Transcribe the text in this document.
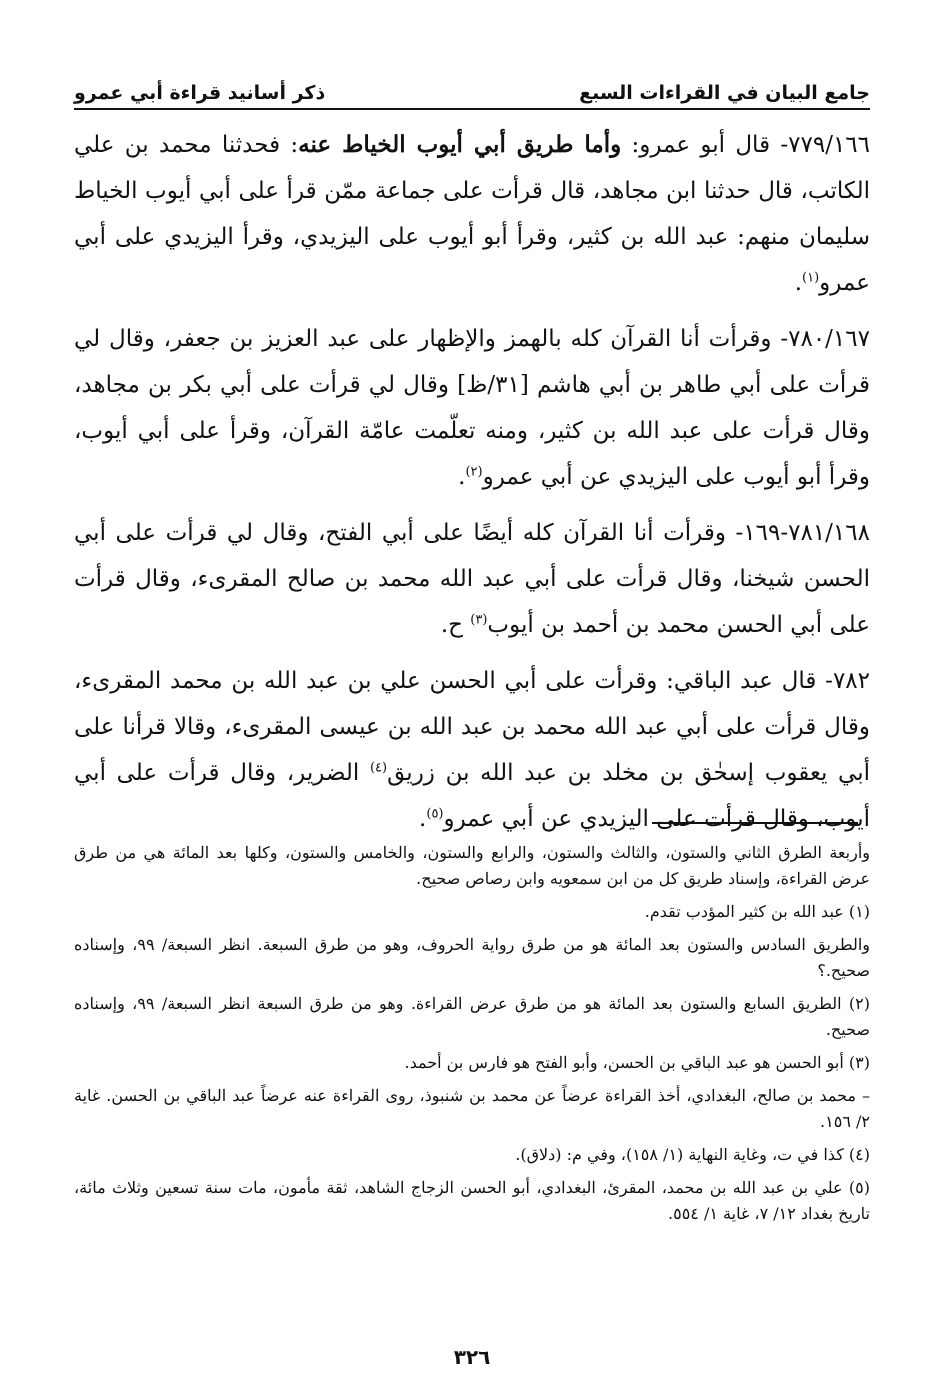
ذكر أسانيد قراءة أبي عمرو	جامع البيان في القراءات السبع

٧٧٩/١٦٦- قال أبو عمرو: وأما طريق أبي أيوب الخياط عنه: فحدثنا محمد بن علي الكاتب، قال حدثنا ابن مجاهد، قال قرأت على جماعة ممّن قرأ على أبي أيوب الخياط سليمان منهم: عبد الله بن كثير، وقرأ أبو أيوب على اليزيدي، وقرأ اليزيدي على أبي عمرو$^{(١)}$.

٧٨٠/١٦٧- وقرأت أنا القرآن كله بالهمز والإظهار على عبد العزيز بن جعفر، وقال لي قرأت على أبي طاهر بن أبي هاشم [٣١/ظ] وقال لي قرأت على أبي بكر بن مجاهد، وقال قرأت على عبد الله بن كثير، ومنه تعلّمت عامّة القرآن، وقرأ على أبي أيوب، وقرأ أبو أيوب على اليزيدي عن أبي عمرو$^{(٢)}$.

٧٨١/١٦٨-١٦٩- وقرأت أنا القرآن كله أيضًا على أبي الفتح، وقال لي قرأت على أبي الحسن شيخنا، وقال قرأت على أبي عبد الله محمد بن صالح المقرىء، وقال قرأت على أبي الحسن محمد بن أحمد بن أيوب$^{(٣)}$ ح.

٧٨٢- قال عبد الباقي: وقرأت على أبي الحسن علي بن عبد الله بن محمد المقرىء، وقال قرأت على أبي عبد الله محمد بن عبد الله بن عيسى المقرىء، وقالا قرأنا على أبي يعقوب إسحٰق بن مخلد بن عبد الله بن زريق$^{(٤)}$ الضرير، وقال قرأت على أبي أيوب، وقال قرأت على اليزيدي عن أبي عمرو$^{(٥)}$.

وأربعة الطرق الثاني والستون، والثالث والستون، والرابع والستون، والخامس والستون، وكلها بعد المائة هي من طرق عرض القراءة، وإسناد طريق كل من ابن سمعويه وابن رصاص صحيح.

(١) عبد الله بن كثير المؤدب تقدم.

والطريق السادس والستون بعد المائة هو من طرق رواية الحروف، وهو من طرق السبعة. انظر السبعة/ ٩٩، وإسناده صحيح.؟

(٢) الطريق السابع والستون بعد المائة هو من طرق عرض القراءة. وهو من طرق السبعة انظر السبعة/ ٩٩، وإسناده صحيح.

(٣) أبو الحسن هو عبد الباقي بن الحسن، وأبو الفتح هو فارس بن أحمد.

– محمد بن صالح، البغدادي، أخذ القراءة عرضاً عن محمد بن شنبوذ، روى القراءة عنه عرضاً عبد الباقي بن الحسن. غاية ٢/ ١٥٦.

(٤) كذا في ت، وغاية النهاية (١/ ١٥٨)، وفي م: (دلاق).

(٥) علي بن عبد الله بن محمد، المقرئ، البغدادي، أبو الحسن الزجاج الشاهد، ثقة مأمون، مات سنة تسعين وثلاث مائة، تاريخ بغداد ١٢/ ٧، غاية ١/ ٥٥٤.

٣٢٦
